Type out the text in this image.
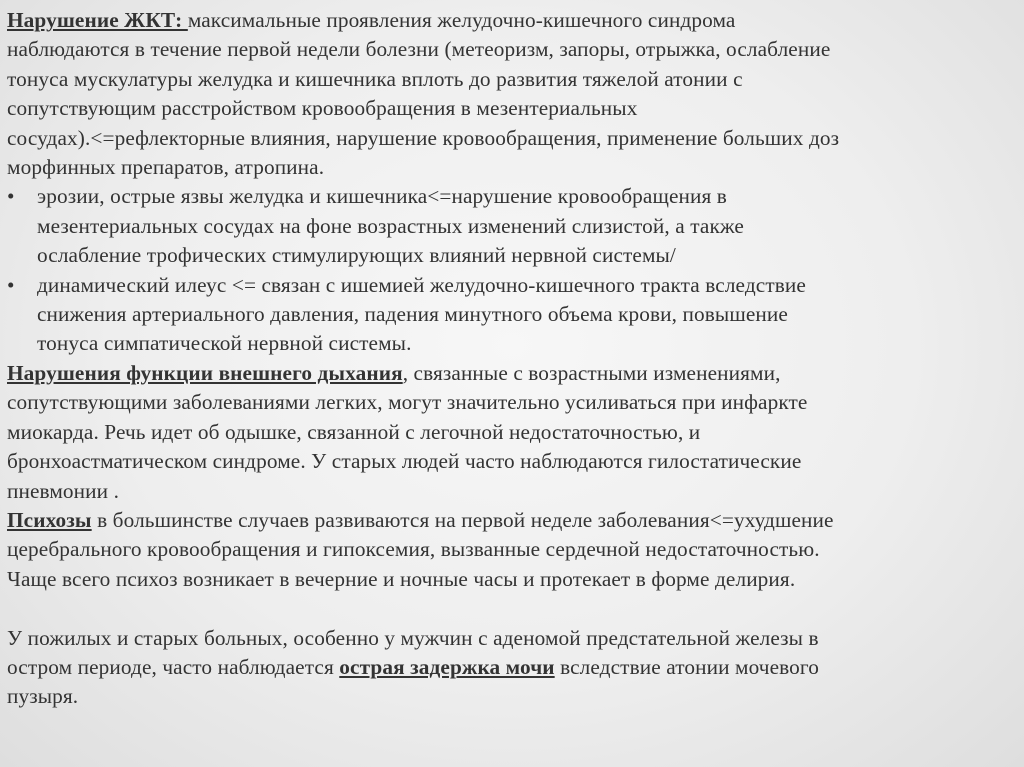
Нарушение ЖКТ: максимальные проявления желудочно-кишечного синдрома
наблюдаются в течение первой недели болезни (метеоризм, запоры, отрыжка, ослабление
тонуса мускулатуры желудка и кишечника вплоть до развития тяжелой атонии с
сопутствующим расстройством кровообращения в мезентериальных
сосудах).<=рефлекторные влияния, нарушение кровообращения, применение больших доз
морфинных препаратов, атропина.

• эрозии, острые язвы желудка и кишечника<=нарушение кровообращения в
мезентериальных сосудах на фоне возрастных изменений слизистой, а также
ослабление трофических стимулирующих влияний нервной системы/

• динамический илеус <= связан с ишемией желудочно-кишечного тракта вследствие
снижения артериального давления, падения минутного объема крови, повышение
тонуса симпатической нервной системы.

Нарушения функции внешнего дыхания, связанные с возрастными изменениями,
сопутствующими заболеваниями легких, могут значительно усиливаться при инфаркте
миокарда. Речь идет об одышке, связанной с легочной недостаточностью, и
бронхоастматическом синдроме. У старых людей часто наблюдаются гилостатические
пневмонии .

Психозы в большинстве случаев развиваются на первой неделе заболевания<=ухудшение
церебрального кровообращения и гипоксемия, вызванные сердечной недостаточностью.
Чаще всего психоз возникает в вечерние и ночные часы и протекает в форме делирия.

У пожилых и старых больных, особенно у мужчин с аденомой предстательной железы в
остром периоде, часто наблюдается острая задержка мочи вследствие атонии мочевого
пузыря.
